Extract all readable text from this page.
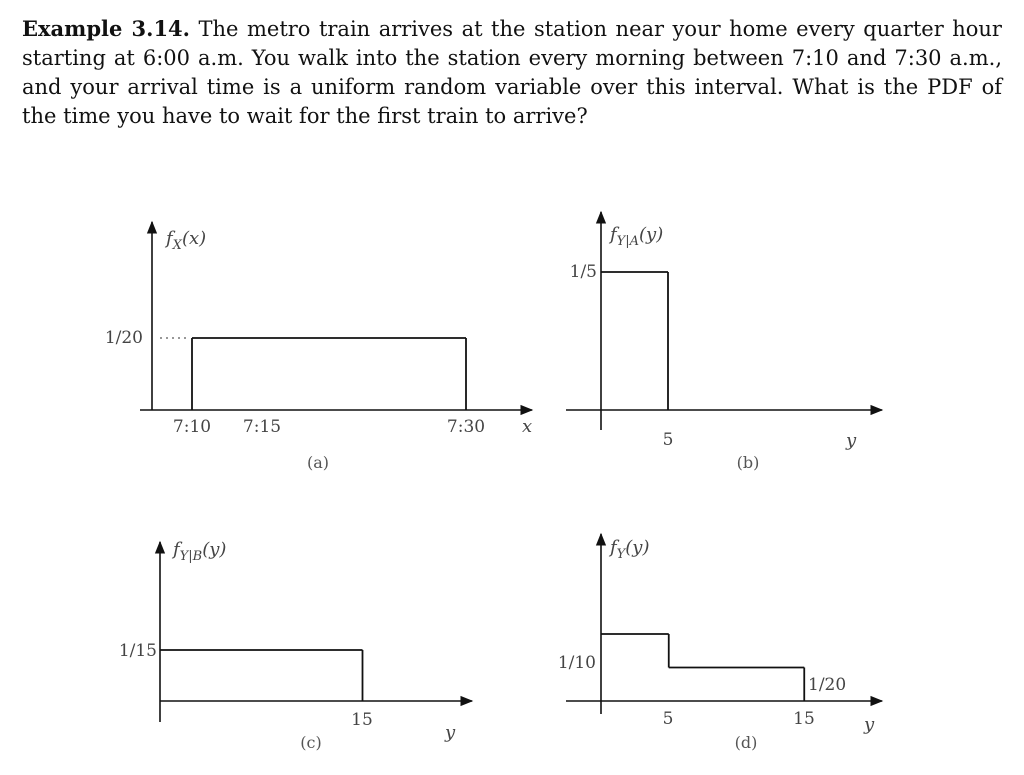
Example 3.14. The metro train arrives at the station near your home every quarter hour starting at 6:00 a.m. You walk into the station every morning between 7:10 and 7:30 a.m., and your arrival time is a uniform random variable over this interval. What is the PDF of the time you have to wait for the first train to arrive?
$f_X(x)$
1/20
7:10 7:15	7:30 x
(a)
$f_{Y|A}(y)$
1/5
5	y
(b)
$f_{Y|B}(y)$
1/15
15
y
(c)
$f_Y(y)$
1/10
1/20
5	15	y
(d)
